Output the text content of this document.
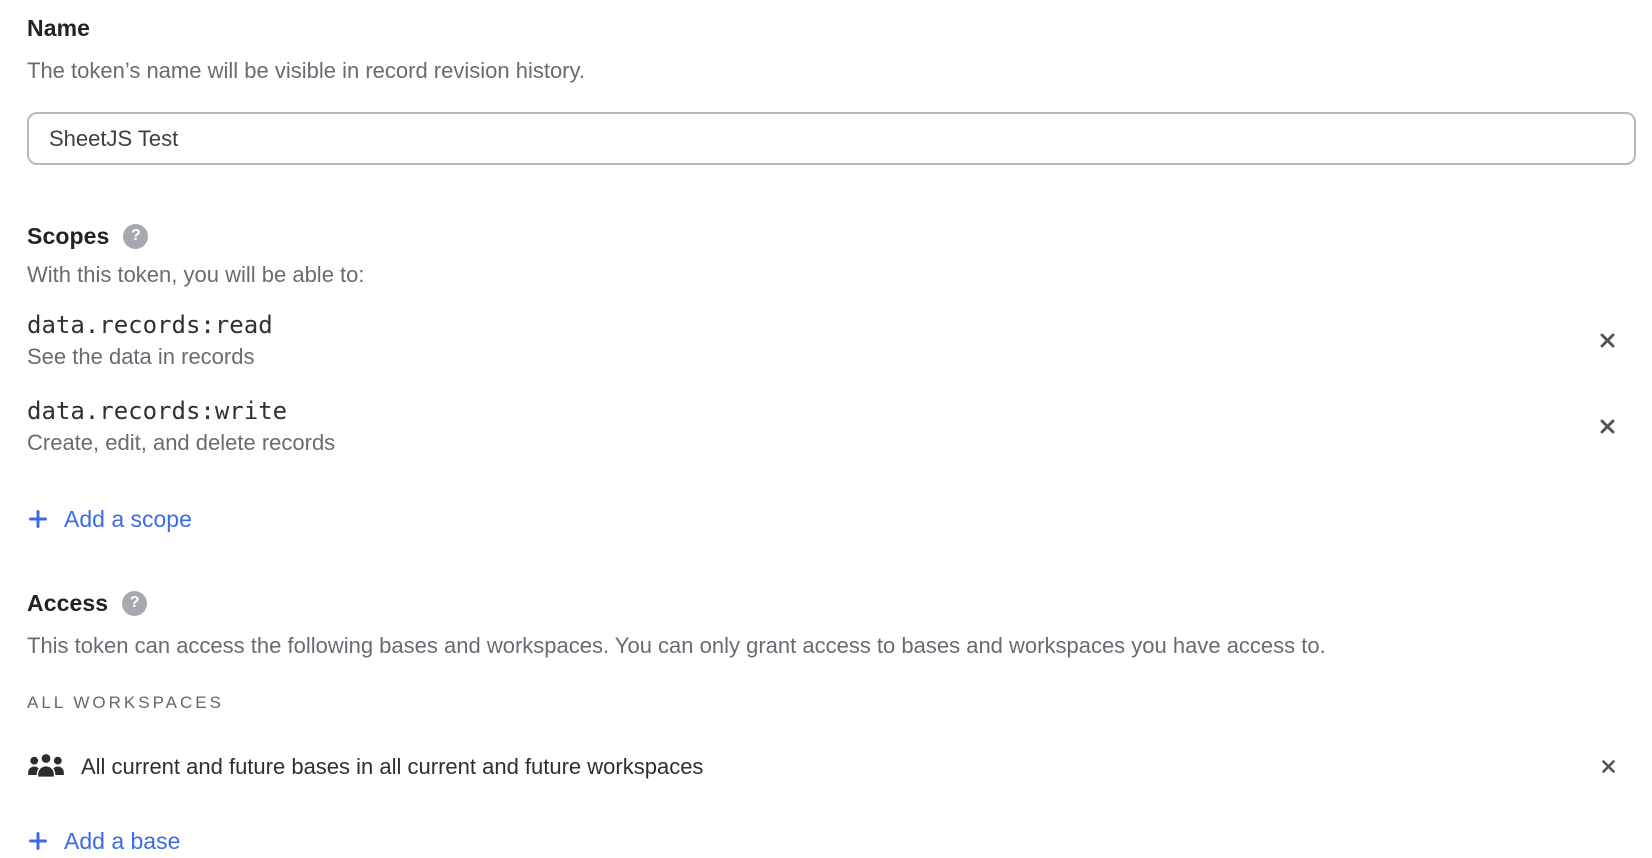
Name

The token’s name will be visible in record revision history.

SheetJS Test
Scopes ?

With this token, you will be able to:

data.records:read
See the data in records
data.records:write
Create, edit, and delete records
Add a scope
Access ?

This token can access the following bases and workspaces. You can only grant access to bases and workspaces you have access to.

ALL WORKSPACES
All current and future bases in all current and future workspaces
Add a base
